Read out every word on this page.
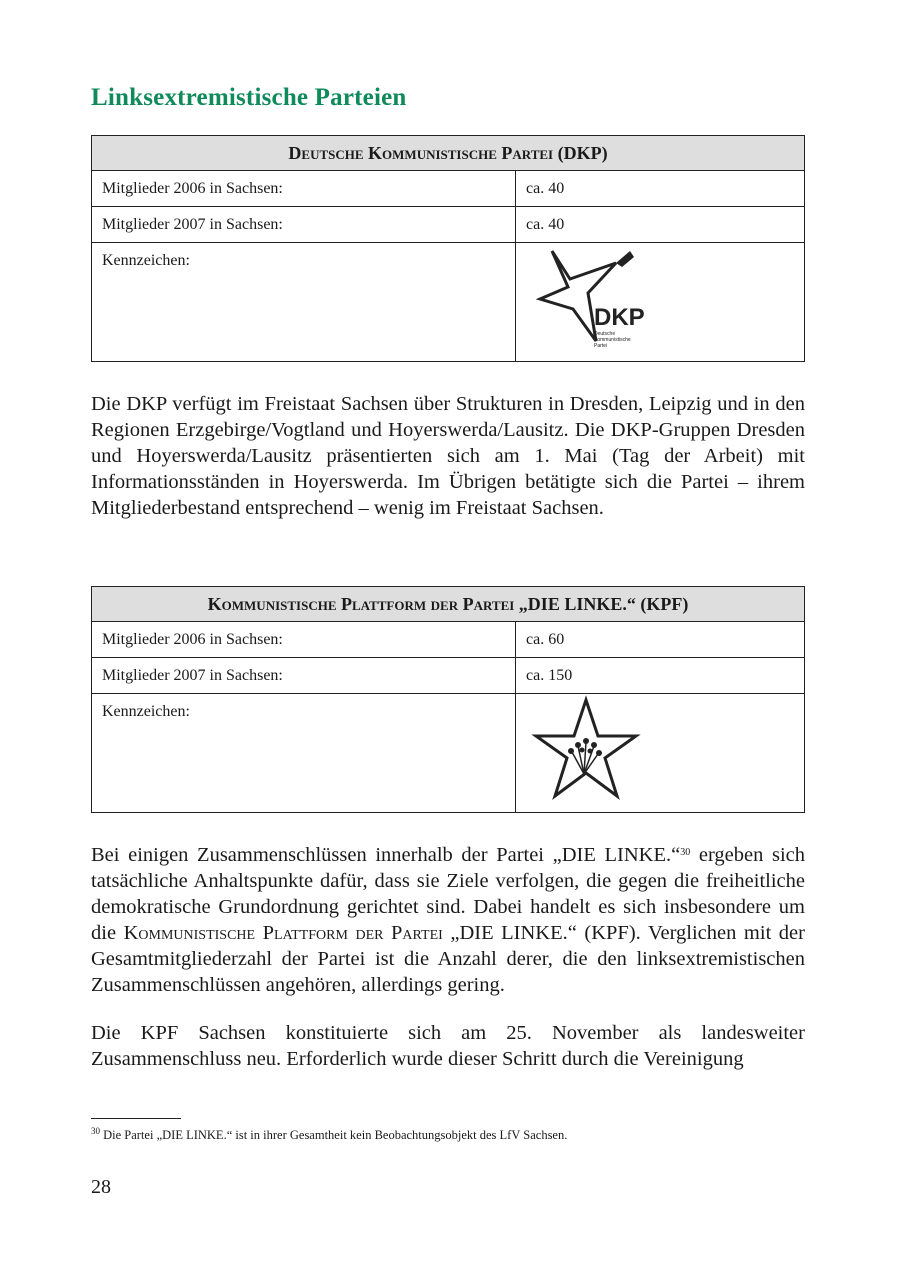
Linksextremistische Parteien
Deutsche Kommunistische Partei (DKP)	
Mitglieder 2006 in Sachsen:	ca. 40
Mitglieder 2007 in Sachsen:	ca. 40
Kennzeichen:	DKP
Deutsche
Kommunistische
Partei

Die DKP verfügt im Freistaat Sachsen über Strukturen in Dresden, Leipzig und in den Regionen Erzgebirge/Vogtland und Hoyerswerda/Lausitz. Die DKP-Gruppen Dresden und Hoyerswerda/Lausitz präsentierten sich am 1. Mai (Tag der Arbeit) mit Informationsständen in Hoyerswerda. Im Übrigen betätigte sich die Partei – ihrem Mitgliederbestand entsprechend – wenig im Freistaat Sachsen.

Kommunistische Plattform der Partei „DIE LINKE.“ (KPF)	
Mitglieder 2006 in Sachsen:	ca. 60
Mitglieder 2007 in Sachsen:	ca. 150
Kennzeichen:	

Bei einigen Zusammenschlüssen innerhalb der Partei „DIE LINKE.“$^{30}$ ergeben sich tatsächliche Anhaltspunkte dafür, dass sie Ziele verfolgen, die gegen die freiheitliche demokratische Grundordnung gerichtet sind. Dabei handelt es sich insbesondere um die Kommunistische Plattform der Partei „DIE LINKE.“ (KPF). Verglichen mit der Gesamtmitgliederzahl der Partei ist die Anzahl derer, die den linksextremistischen Zusammenschlüssen angehören, allerdings gering.

Die KPF Sachsen konstituierte sich am 25. November als landesweiter Zusammenschluss neu. Erforderlich wurde dieser Schritt durch die Vereinigung

$^{30}$ Die Partei „DIE LINKE.“ ist in ihrer Gesamtheit kein Beobachtungsobjekt des LfV Sachsen.
28
